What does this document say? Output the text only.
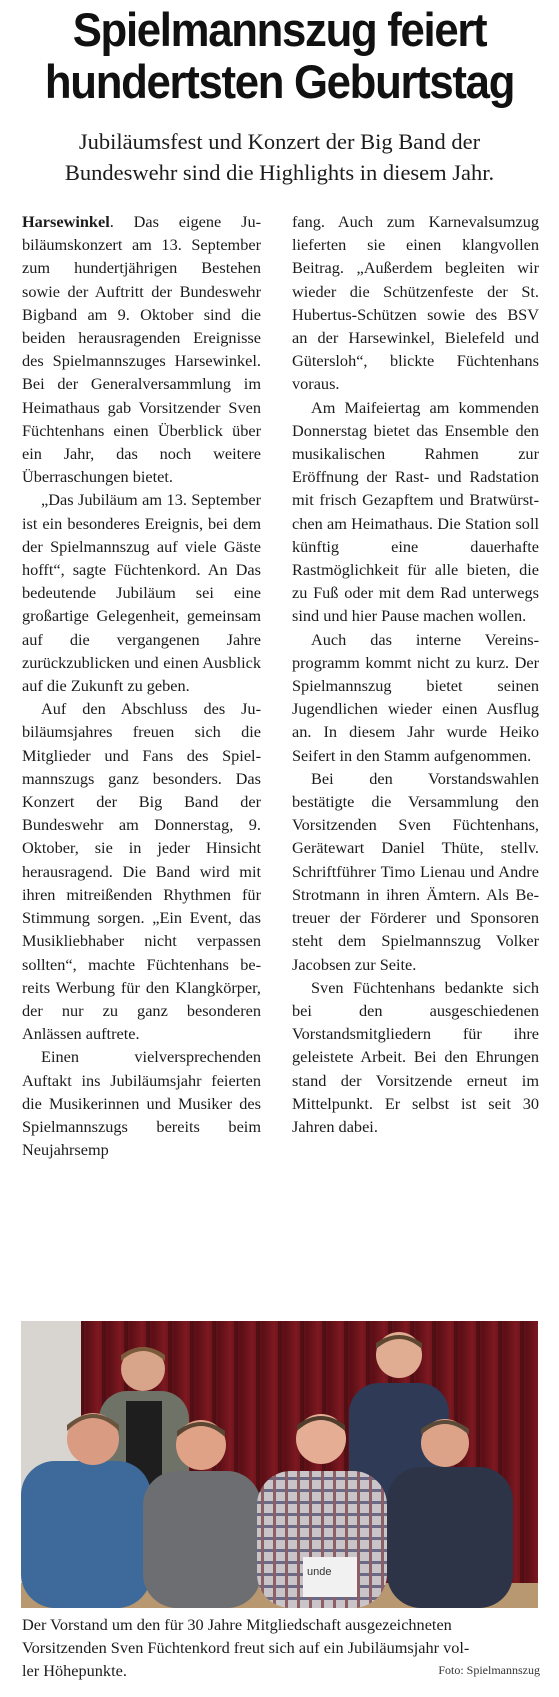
Spielmannszug feiert
hundertsten Geburtstag
Jubiläumsfest und Konzert der Big Band der
Bundeswehr sind die Highlights in diesem Jahr.

Harsewinkel. Das eigene Jubiläumskonzert am 13. September zum hundertjährigen Bestehen sowie der Auftritt der Bundeswehr Bigband am 9. Oktober sind die beiden herausragenden Ereignisse des Spielmannszuges Harsewinkel. Bei der Generalversammlung im Heimathaus gab Vorsitzender Sven Füchtenhans einen Überblick über ein Jahr, das noch weitere Überraschungen bietet.

„Das Jubiläum am 13. September ist ein besonderes Ereignis, bei dem der Spielmannszug auf viele Gäste hofft“, sagte Füchtenkord. An Das bedeutende Jubiläum sei eine großartige Gelegenheit, gemeinsam auf die vergangenen Jahre zurückzublicken und einen Ausblick auf die Zukunft zu geben.

Auf den Abschluss des Jubiläumsjahres freuen sich die Mitglieder und Fans des Spielmannszugs ganz besonders. Das Konzert der Big Band der Bundeswehr am Donnerstag, 9. Oktober, sie in jeder Hinsicht herausragend. Die Band wird mit ihren mitreißenden Rhythmen für Stimmung sorgen. „Ein Event, das Musikliebhaber nicht verpassen sollten“, machte Füchtenhans bereits Werbung für den Klangkörper, der nur zu ganz besonderen Anlässen auftrete.

Einen vielversprechenden Auftakt ins Jubiläumsjahr feierten die Musikerinnen und Musiker des Spielmannszugs bereits beim Neujahrsemp

fang. Auch zum Karnevalsumzug lieferten sie einen klangvollen Beitrag. „Außerdem begleiten wir wieder die Schützenfeste der St. Hubertus-Schützen sowie des BSV an der Harsewinkel, Bielefeld und Gütersloh“, blickte Füchtenhans voraus.

Am Maifeiertag am kommenden Donnerstag bietet das Ensemble den musikalischen Rahmen zur Eröffnung der Rast- und Radstation mit frisch Gezapftem und Bratwürstchen am Heimathaus. Die Station soll künftig eine dauerhafte Rastmöglichkeit für alle bieten, die zu Fuß oder mit dem Rad unterwegs sind und hier Pause machen wollen.

Auch das interne Vereinsprogramm kommt nicht zu kurz. Der Spielmannszug bietet seinen Jugendlichen wieder einen Ausflug an. In diesem Jahr wurde Heiko Seifert in den Stamm aufgenommen.

Bei den Vorstandswahlen bestätigte die Versammlung den Vorsitzenden Sven Füchtenhans, Gerätewart Daniel Thüte, stellv. Schriftführer Timo Lienau und Andre Strotmann in ihren Ämtern. Als Betreuer der Förderer und Sponsoren steht dem Spielmannszug Volker Jacobsen zur Seite.

Sven Füchtenhans bedankte sich bei den ausgeschiedenen Vorstandsmitgliedern für ihre geleistete Arbeit. Bei den Ehrungen stand der Vorsitzende erneut im Mittelpunkt. Er selbst ist seit 30 Jahren dabei.

unde
Der Vorstand um den für 30 Jahre Mitgliedschaft ausgezeichneten
Vorsitzenden Sven Füchtenkord freut sich auf ein Jubiläumsjahr vol-
ler Höhepunkte.	Foto: Spielmannszug
